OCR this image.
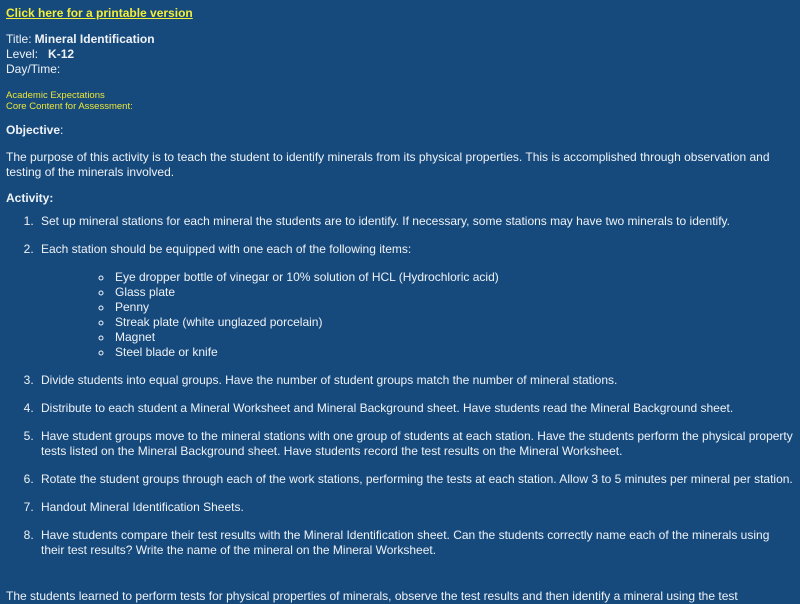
Click here for a printable version
Title: Mineral Identification
Level: K-12
Day/Time:
Academic Expectations
Core Content for Assessment:
Objective:
The purpose of this activity is to teach the student to identify minerals from its physical properties. This is accomplished through observation and testing of the minerals involved.
Activity:
1. Set up mineral stations for each mineral the students are to identify. If necessary, some stations may have two minerals to identify.
2. Each station should be equipped with one each of the following items:
◦ Eye dropper bottle of vinegar or 10% solution of HCL (Hydrochloric acid)
◦ Glass plate
◦ Penny
◦ Streak plate (white unglazed porcelain)
◦ Magnet
◦ Steel blade or knife
3. Divide students into equal groups. Have the number of student groups match the number of mineral stations.
4. Distribute to each student a Mineral Worksheet and Mineral Background sheet. Have students read the Mineral Background sheet.
5. Have student groups move to the mineral stations with one group of students at each station. Have the students perform the physical property tests listed on the Mineral Background sheet. Have students record the test results on the Mineral Worksheet.
6. Rotate the student groups through each of the work stations, performing the tests at each station. Allow 3 to 5 minutes per mineral per station.
7. Handout Mineral Identification Sheets.
8. Have students compare their test results with the Mineral Identification sheet. Can the students correctly name each of the minerals using their test results? Write the name of the mineral on the Mineral Worksheet.
The students learned to perform tests for physical properties of minerals, observe the test results and then identify a mineral using the test
